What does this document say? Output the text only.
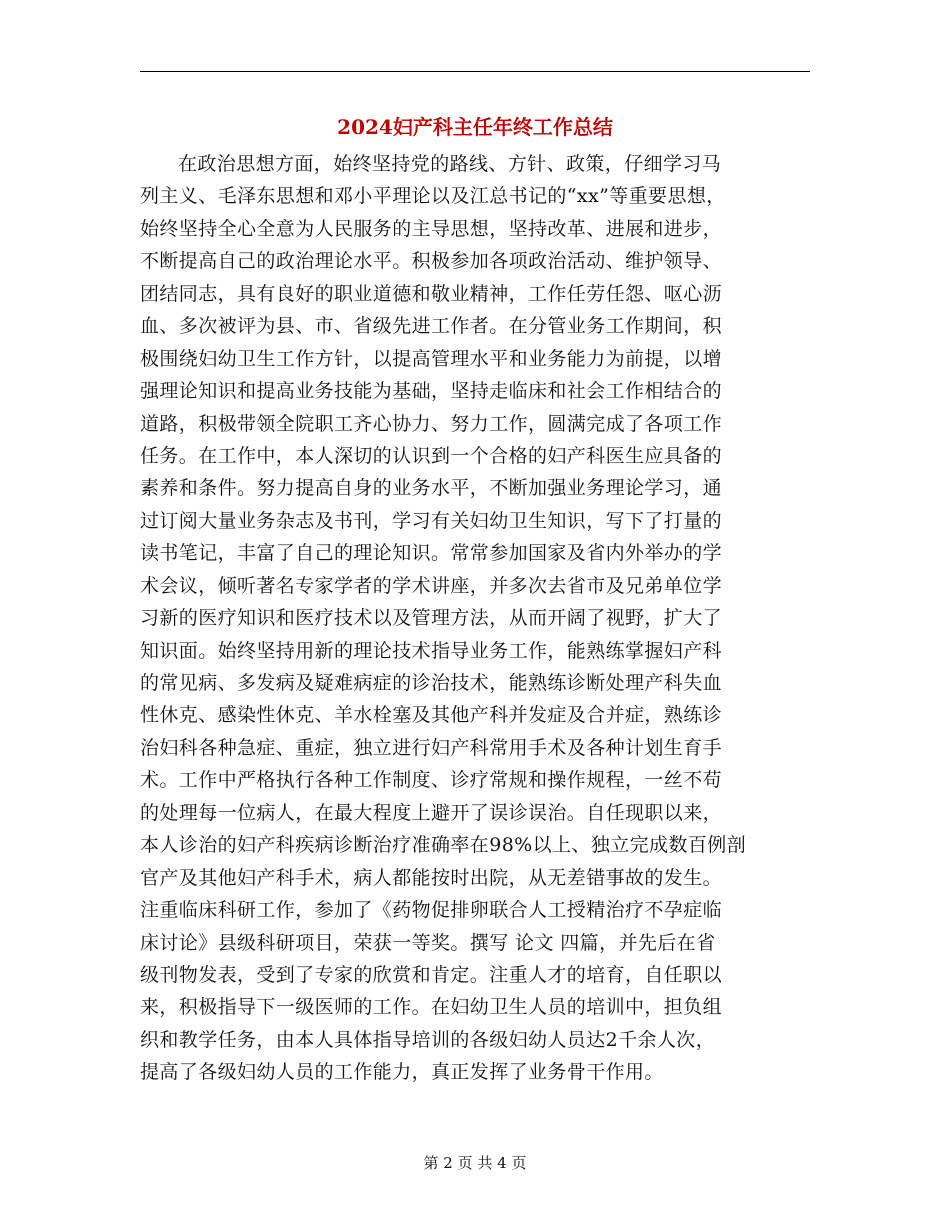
2024妇产科主任年终工作总结
在政治思想方面，始终坚持党的路线、方针、政策，仔细学习马
列主义、毛泽东思想和邓小平理论以及江总书记的“xx”等重要思想，
始终坚持全心全意为人民服务的主导思想，坚持改革、进展和进步，
不断提高自己的政治理论水平。积极参加各项政治活动、维护领导、
团结同志，具有良好的职业道德和敬业精神，工作任劳任怨、呕心沥
血、多次被评为县、市、省级先进工作者。在分管业务工作期间，积
极围绕妇幼卫生工作方针，以提高管理水平和业务能力为前提，以增
强理论知识和提高业务技能为基础，坚持走临床和社会工作相结合的
道路，积极带领全院职工齐心协力、努力工作，圆满完成了各项工作
任务。在工作中，本人深切的认识到一个合格的妇产科医生应具备的
素养和条件。努力提高自身的业务水平，不断加强业务理论学习，通
过订阅大量业务杂志及书刊，学习有关妇幼卫生知识，写下了打量的
读书笔记，丰富了自己的理论知识。常常参加国家及省内外举办的学
术会议，倾听著名专家学者的学术讲座，并多次去省市及兄弟单位学
习新的医疗知识和医疗技术以及管理方法，从而开阔了视野，扩大了
知识面。始终坚持用新的理论技术指导业务工作，能熟练掌握妇产科
的常见病、多发病及疑难病症的诊治技术，能熟练诊断处理产科失血
性休克、感染性休克、羊水栓塞及其他产科并发症及合并症，熟练诊
治妇科各种急症、重症，独立进行妇产科常用手术及各种计划生育手
术。工作中严格执行各种工作制度、诊疗常规和操作规程，一丝不苟
的处理每一位病人，在最大程度上避开了误诊误治。自任现职以来，
本人诊治的妇产科疾病诊断治疗准确率在98%以上、独立完成数百例剖
官产及其他妇产科手术，病人都能按时出院，从无差错事故的发生。
注重临床科研工作，参加了《药物促排卵联合人工授精治疗不孕症临
床讨论》县级科研项目，荣获一等奖。撰写 论文 四篇，并先后在省
级刊物发表，受到了专家的欣赏和肯定。注重人才的培育，自任职以
来，积极指导下一级医师的工作。在妇幼卫生人员的培训中，担负组
织和教学任务，由本人具体指导培训的各级妇幼人员达2千余人次，
提高了各级妇幼人员的工作能力，真正发挥了业务骨干作用。
第 2 页 共 4 页
